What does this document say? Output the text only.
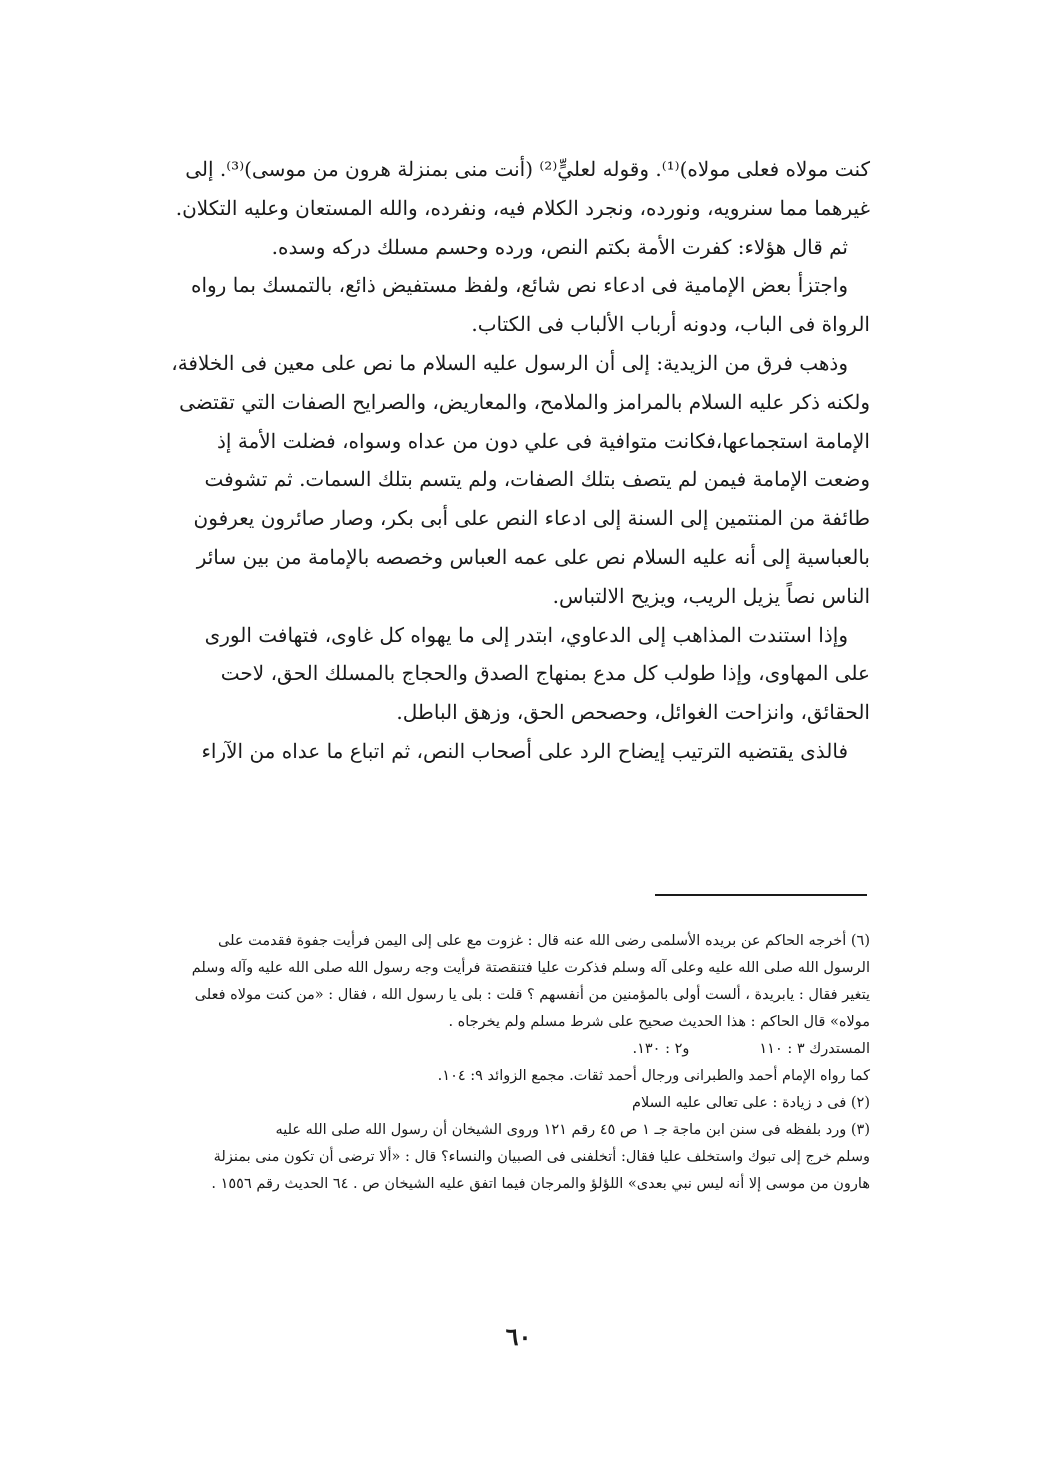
كنت مولاه فعلى مولاه)⁽¹⁾. وقوله لعليٍّ⁽²⁾ (أنت منى بمنزلة هرون من موسى)⁽³⁾. إلى

غيرهما مما سنرويه، ونورده، ونجرد الكلام فيه، ونفرده، والله المستعان وعليه التكلان.

ثم قال هؤلاء: كفرت الأمة بكتم النص، ورده وحسم مسلك دركه وسده.

واجتزأ بعض الإمامية فى ادعاء نص شائع، ولفظ مستفيض ذائع، بالتمسك بما رواه

الرواة فى الباب، ودونه أرباب الألباب فى الكتاب.

وذهب فرق من الزيدية: إلى أن الرسول عليه السلام ما نص على معين فى الخلافة،

ولكنه ذكر عليه السلام بالمرامز والملامح، والمعاريض، والصرايح الصفات التي تقتضى

الإمامة استجماعها،فكانت متوافية فى علي دون من عداه وسواه، فضلت الأمة إذ

وضعت الإمامة فيمن لم يتصف بتلك الصفات، ولم يتسم بتلك السمات. ثم تشوفت

طائفة من المنتمين إلى السنة إلى ادعاء النص على أبى بكر، وصار صائرون يعرفون

بالعباسية إلى أنه عليه السلام نص على عمه العباس وخصصه بالإمامة من بين سائر

الناس نصاً يزيل الريب، ويزيح الالتباس.

وإذا استندت المذاهب إلى الدعاوي، ابتدر إلى ما يهواه كل غاوى، فتهافت الورى

على المهاوى، وإذا طولب كل مدع بمنهاج الصدق والحجاج بالمسلك الحق، لاحت

الحقائق، وانزاحت الغوائل، وحصحص الحق، وزهق الباطل.

فالذى يقتضيه الترتيب إيضاح الرد على أصحاب النص، ثم اتباع ما عداه من الآراء

(٦) أخرجه الحاكم عن بريده الأسلمى رضى الله عنه قال : غزوت مع على إلى اليمن فرأيت جفوة فقدمت على

الرسول الله صلى الله عليه وعلى آله وسلم فذكرت عليا فتنقصتة فرأيت وجه رسول الله صلى الله عليه وآله وسلم

يتغير فقال : يابريدة ، ألست أولى بالمؤمنين من أنفسهم ؟ قلت : بلى يا رسول الله ، فقال : «من كنت مولاه فعلى

مولاه» قال الحاكم : هذا الحديث صحيح على شرط مسلم ولم يخرجاه .

المستدرك ٣ : ١١٠و٢ : ١٣٠.

كما رواه الإمام أحمد والطبرانى ورجال أحمد ثقات. مجمع الزوائد ٩: ١٠٤.

(٢) فى د زيادة : على تعالى عليه السلام

(٣) ورد بلفظه فى سنن ابن ماجة جـ ١ ص ٤٥ رقم ١٢١ وروى الشيخان أن رسول الله صلى الله عليه

وسلم خرج إلى تبوك واستخلف عليا فقال: أتخلفنى فى الصبيان والنساء؟ قال : «ألا ترضى أن تكون منى بمنزلة

هارون من موسى إلا أنه ليس نبي بعدى» اللؤلؤ والمرجان فيما اتفق عليه الشيخان ص . ٦٤ الحديث رقم ١٥٥٦ .

٦٠
